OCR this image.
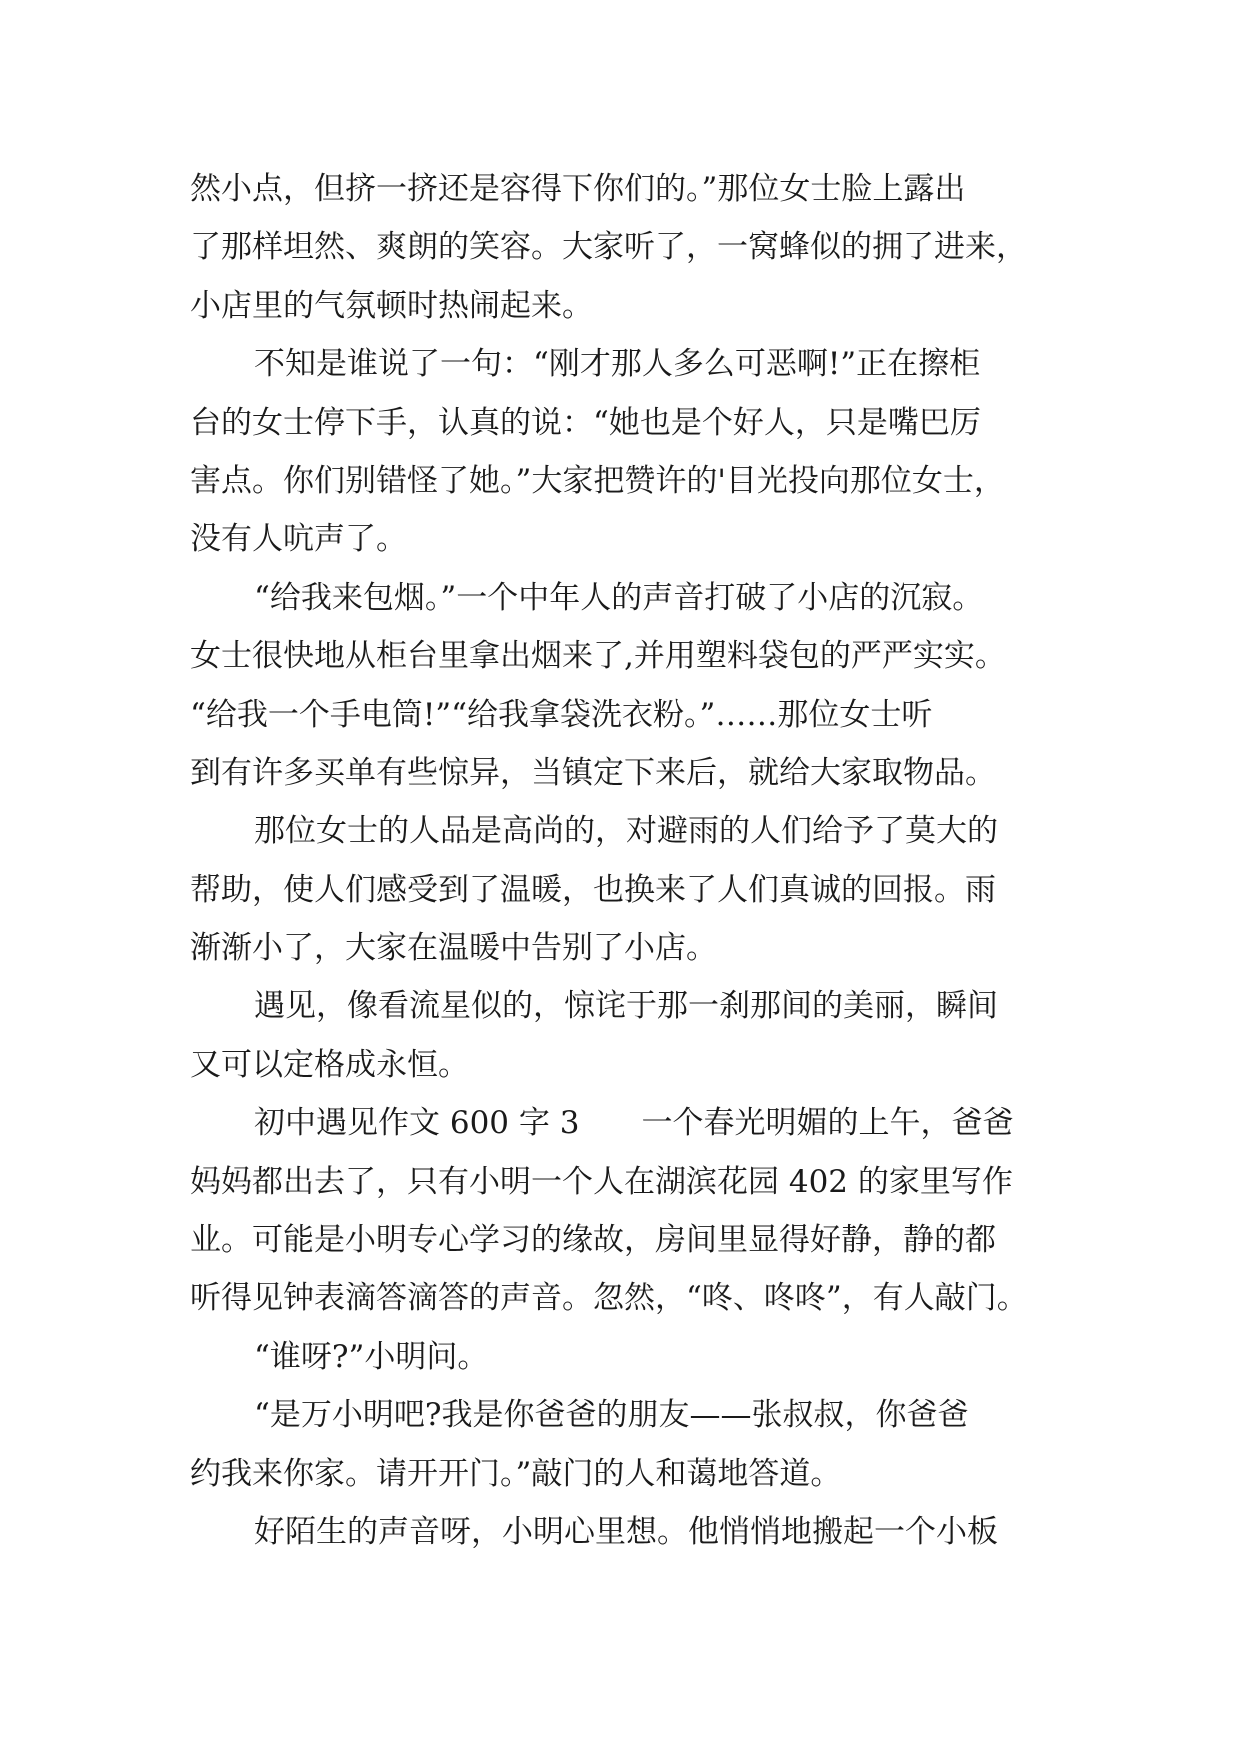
然小点，但挤一挤还是容得下你们的。”那位女士脸上露出
了那样坦然、爽朗的笑容。大家听了，一窝蜂似的拥了进来，
小店里的气氛顿时热闹起来。
不知是谁说了一句：“刚才那人多么可恶啊!”正在擦柜
台的女士停下手，认真的说：“她也是个好人，只是嘴巴厉
害点。你们别错怪了她。”大家把赞许的'目光投向那位女士，
没有人吭声了。
“给我来包烟。”一个中年人的声音打破了小店的沉寂。
女士很快地从柜台里拿出烟来了,并用塑料袋包的严严实实。
“给我一个手电筒!”“给我拿袋洗衣粉。”……那位女士听
到有许多买单有些惊异，当镇定下来后，就给大家取物品。
那位女士的人品是高尚的，对避雨的人们给予了莫大的
帮助，使人们感受到了温暖，也换来了人们真诚的回报。雨
渐渐小了，大家在温暖中告别了小店。
遇见，像看流星似的，惊诧于那一刹那间的美丽，瞬间
又可以定格成永恒。
初中遇见作文 600 字 3　　一个春光明媚的上午，爸爸
妈妈都出去了，只有小明一个人在湖滨花园 402 的家里写作
业。可能是小明专心学习的缘故，房间里显得好静，静的都
听得见钟表滴答滴答的声音。忽然，“咚、咚咚”，有人敲门。
“谁呀?”小明问。
“是万小明吧?我是你爸爸的朋友——张叔叔，你爸爸
约我来你家。请开开门。”敲门的人和蔼地答道。
好陌生的声音呀，小明心里想。他悄悄地搬起一个小板
